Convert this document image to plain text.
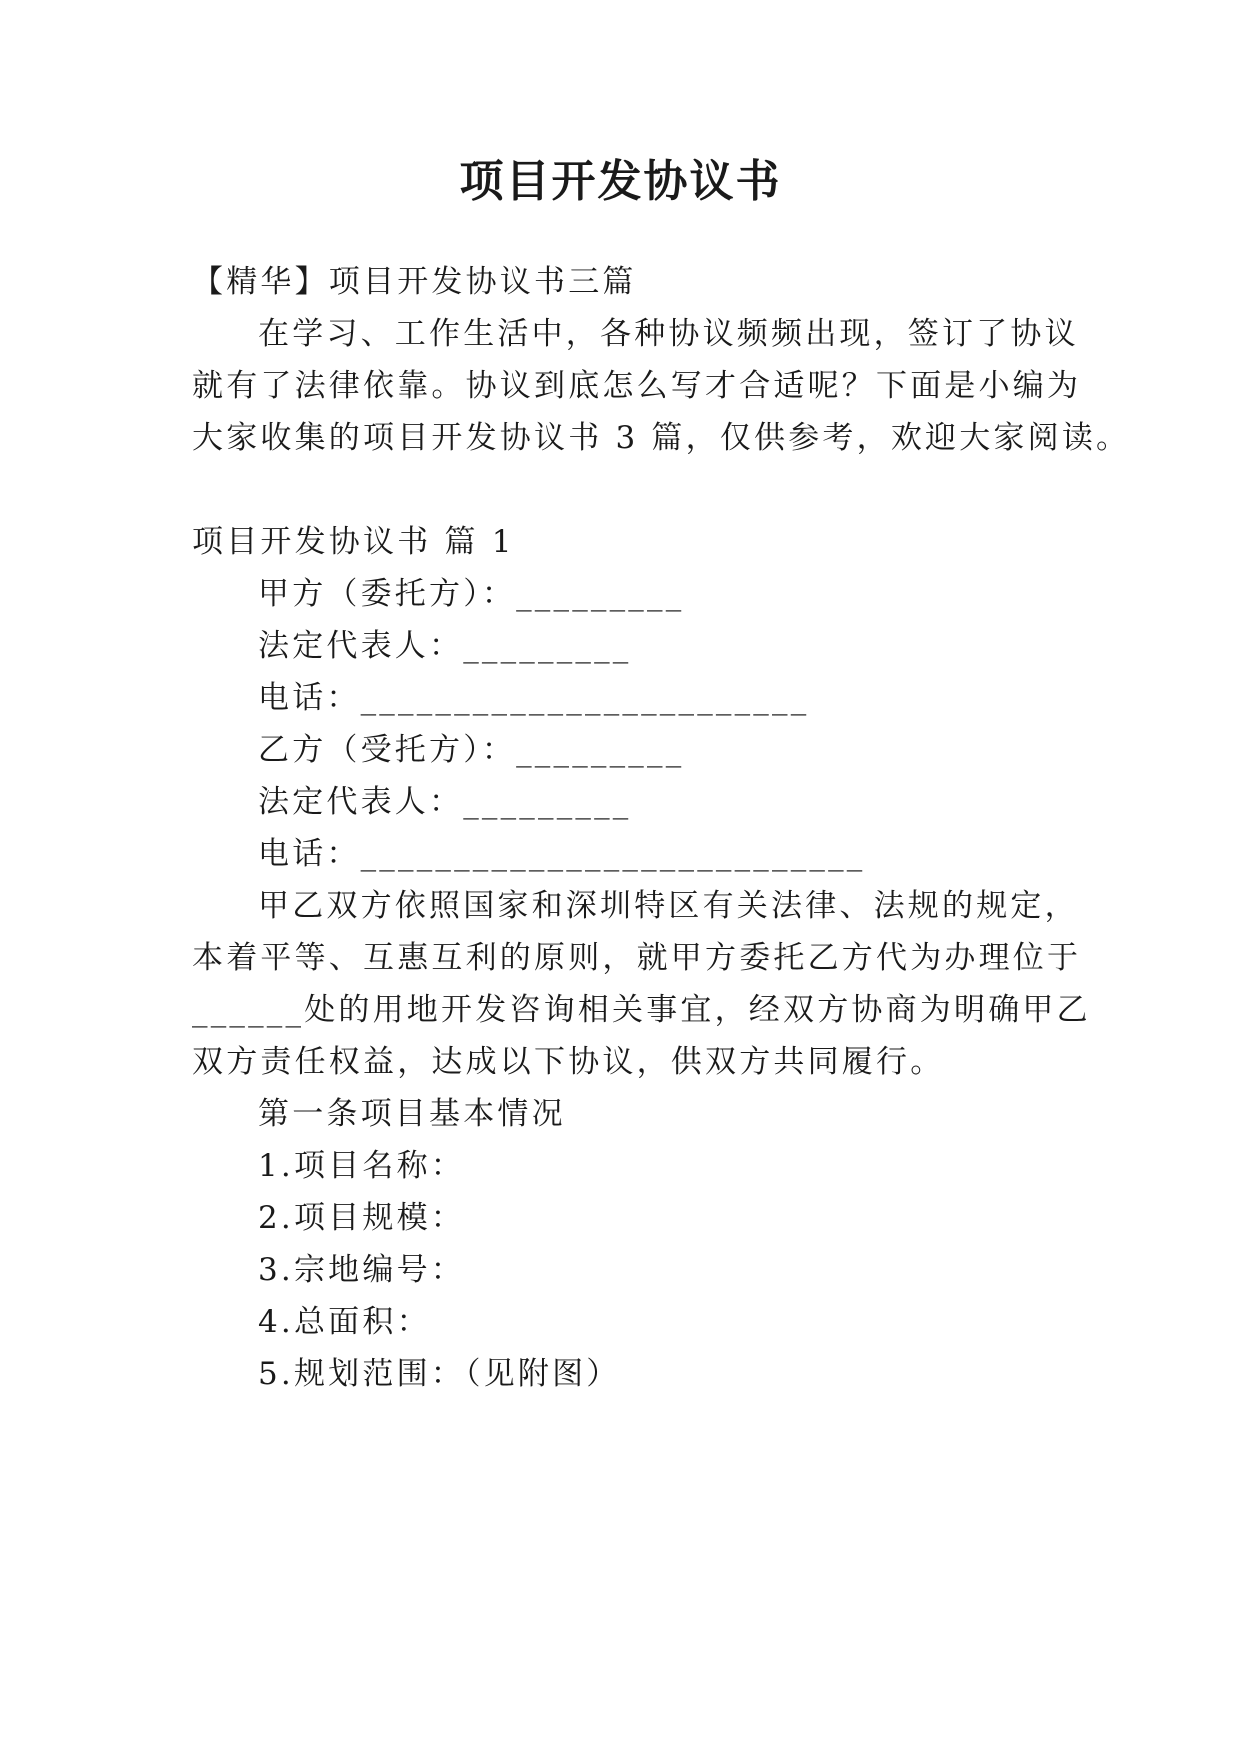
项目开发协议书

【精华】项目开发协议书三篇

在学习、工作生活中，各种协议频频出现，签订了协议

就有了法律依靠。协议到底怎么写才合适呢？下面是小编为

大家收集的项目开发协议书 3 篇，仅供参考，欢迎大家阅读。

项目开发协议书 篇 1

甲方（委托方）：_________

法定代表人：_________

电话：________________________

乙方（受托方）：_________

法定代表人：_________

电话：___________________________

甲乙双方依照国家和深圳特区有关法律、法规的规定，

本着平等、互惠互利的原则，就甲方委托乙方代为办理位于

______处的用地开发咨询相关事宜，经双方协商为明确甲乙

双方责任权益，达成以下协议，供双方共同履行。

第一条项目基本情况

1.项目名称：

2.项目规模：

3.宗地编号：

4.总面积：

5.规划范围：（见附图）
